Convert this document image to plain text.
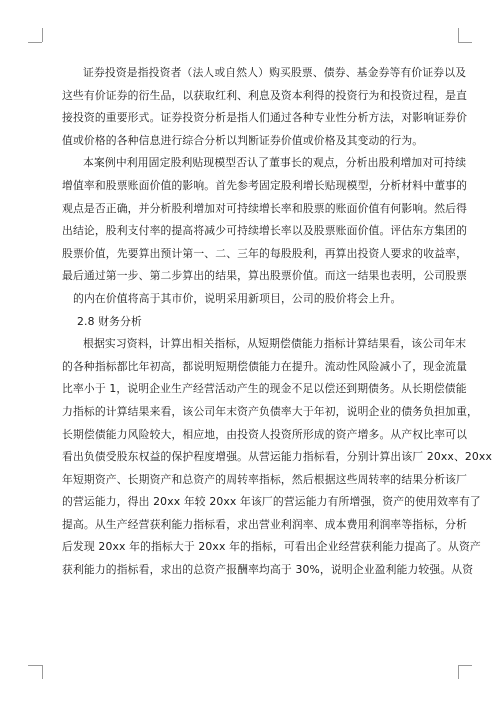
证券投资是指投资者（法人或自然人）购买股票、债券、基金券等有价证券以及
这些有价证券的衍生品，以获取红利、利息及资本利得的投资行为和投资过程，是直
接投资的重要形式。证券投资分析是指人们通过各种专业性分析方法，对影响证券价
值或价格的各种信息进行综合分析以判断证券价值或价格及其变动的行为。
本案例中利用固定股利贴现模型否认了董事长的观点，分析出股利增加对可持续
增值率和股票账面价值的影响。首先参考固定股利增长贴现模型，分析材料中董事的
观点是否正确，并分析股利增加对可持续增长率和股票的账面价值有何影响。然后得
出结论，股利支付率的提高将减少可持续增长率以及股票账面价值。评估东方集团的
股票价值，先要算出预计第一、二、三年的每股股利，再算出投资人要求的收益率，
最后通过第一步、第二步算出的结果，算出股票价值。而这一结果也表明，公司股票
的内在价值将高于其市价，说明采用新项目，公司的股价将会上升。
2.8 财务分析
根据实习资料，计算出相关指标，从短期偿债能力指标计算结果看，该公司年末
的各种指标都比年初高，都说明短期偿债能力在提升。流动性风险减小了，现金流量
比率小于 1，说明企业生产经营活动产生的现金不足以偿还到期债务。从长期偿债能
力指标的计算结果来看，该公司年末资产负债率大于年初，说明企业的债务负担加重，
长期偿债能力风险较大，相应地，由投资人投资所形成的资产增多。从产权比率可以
看出负债受股东权益的保护程度增强。从营运能力指标看，分别计算出该厂 20xx、20xx
年短期资产、长期资产和总资产的周转率指标，然后根据这些周转率的结果分析该厂
的营运能力，得出 20xx 年较 20xx 年该厂的营运能力有所增强，资产的使用效率有了
提高。从生产经营获利能力指标看，求出营业利润率、成本费用利润率等指标，分析
后发现 20xx 年的指标大于 20xx 年的指标，可看出企业经营获利能力提高了。从资产
获利能力的指标看，求出的总资产报酬率均高于 30%，说明企业盈利能力较强。从资
